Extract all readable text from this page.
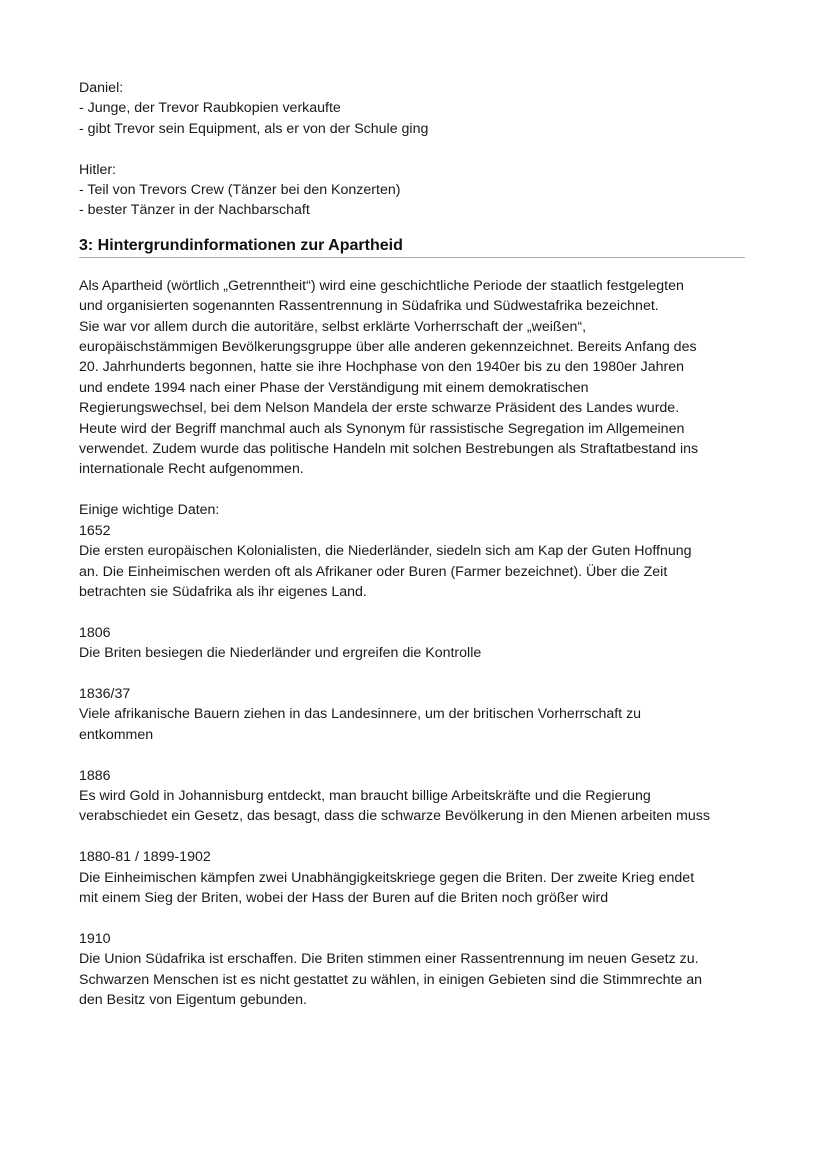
Daniel:
- Junge, der Trevor Raubkopien verkaufte
- gibt Trevor sein Equipment, als er von der Schule ging
Hitler:
- Teil von Trevors Crew (Tänzer bei den Konzerten)
- bester Tänzer in der Nachbarschaft
3: Hintergrundinformationen zur Apartheid
Als Apartheid (wörtlich „Getrenntheit“) wird eine geschichtliche Periode der staatlich festgelegten
und organisierten sogenannten Rassentrennung in Südafrika und Südwestafrika bezeichnet.
Sie war vor allem durch die autoritäre, selbst erklärte Vorherrschaft der „weißen“,
europäischstämmigen Bevölkerungsgruppe über alle anderen gekennzeichnet. Bereits Anfang des
20. Jahrhunderts begonnen, hatte sie ihre Hochphase von den 1940er bis zu den 1980er Jahren
und endete 1994 nach einer Phase der Verständigung mit einem demokratischen
Regierungswechsel, bei dem Nelson Mandela der erste schwarze Präsident des Landes wurde.
Heute wird der Begriff manchmal auch als Synonym für rassistische Segregation im Allgemeinen
verwendet. Zudem wurde das politische Handeln mit solchen Bestrebungen als Straftatbestand ins
internationale Recht aufgenommen.
Einige wichtige Daten:
1652
Die ersten europäischen Kolonialisten, die Niederländer, siedeln sich am Kap der Guten Hoffnung
an. Die Einheimischen werden oft als Afrikaner oder Buren (Farmer bezeichnet). Über die Zeit
betrachten sie Südafrika als ihr eigenes Land.
1806
Die Briten besiegen die Niederländer und ergreifen die Kontrolle
1836/37
Viele afrikanische Bauern ziehen in das Landesinnere, um der britischen Vorherrschaft zu
entkommen
1886
Es wird Gold in Johannisburg entdeckt, man braucht billige Arbeitskräfte und die Regierung
verabschiedet ein Gesetz, das besagt, dass die schwarze Bevölkerung in den Mienen arbeiten muss
1880-81 / 1899-1902
Die Einheimischen kämpfen zwei Unabhängigkeitskriege gegen die Briten. Der zweite Krieg endet
mit einem Sieg der Briten, wobei der Hass der Buren auf die Briten noch größer wird
1910
Die Union Südafrika ist erschaffen. Die Briten stimmen einer Rassentrennung im neuen Gesetz zu.
Schwarzen Menschen ist es nicht gestattet zu wählen, in einigen Gebieten sind die Stimmrechte an
den Besitz von Eigentum gebunden.
